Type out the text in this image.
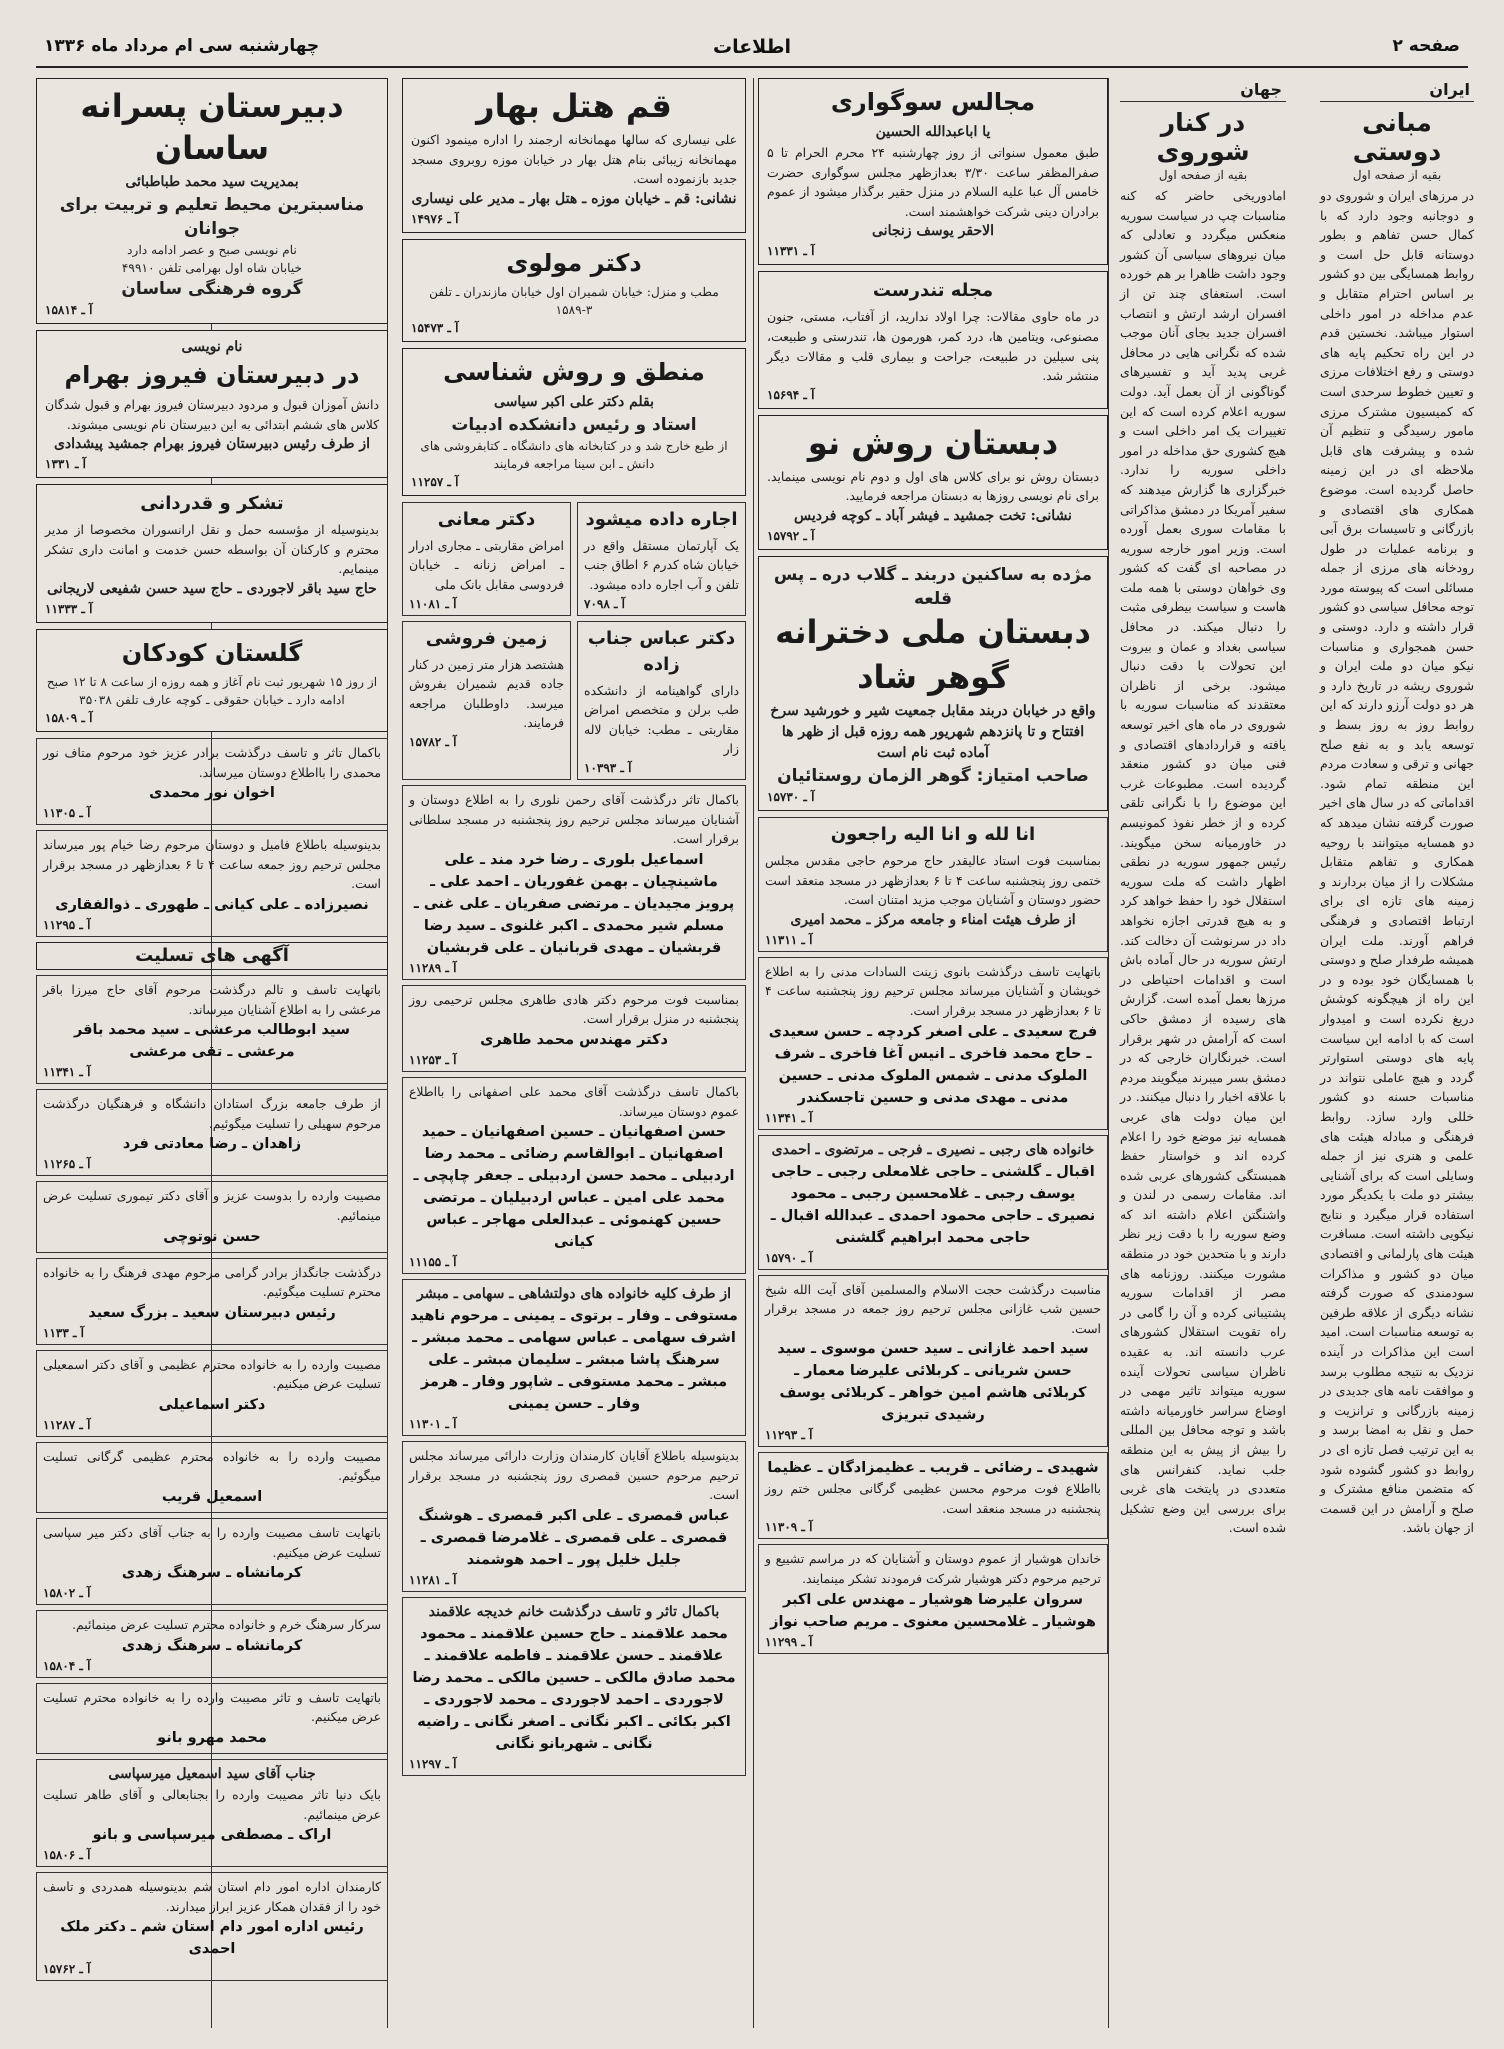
صفحه ۲
اطلاعات
چهارشنبه سی ام مرداد ماه ۱۳۳۶
ایران
مبانی دوستی
بقیه از صفحه اول
در مرزهای ایران و شوروی دو و دوجانبه وجود دارد که با کمال حسن تفاهم و بطور دوستانه قابل حل است و روابط همسایگی بین دو کشور بر اساس احترام متقابل و عدم مداخله در امور داخلی استوار میباشد. نخستین قدم در این راه تحکیم پایه های دوستی و رفع اختلافات مرزی و تعیین خطوط سرحدی است که کمیسیون مشترک مرزی مامور رسیدگی و تنظیم آن شده و پیشرفت های قابل ملاحظه ای در این زمینه حاصل گردیده است. موضوع همکاری های اقتصادی و بازرگانی و تاسیسات برق آبی و برنامه عملیات در طول رودخانه های مرزی از جمله مسائلی است که پیوسته مورد توجه محافل سیاسی دو کشور قرار داشته و دارد. دوستی و حسن همجواری و مناسبات نیکو میان دو ملت ایران و شوروی ریشه در تاریخ دارد و هر دو دولت آرزو دارند که این روابط روز به روز بسط و توسعه یابد و به نفع صلح جهانی و ترقی و سعادت مردم این منطقه تمام شود. اقداماتی که در سال های اخیر صورت گرفته نشان میدهد که دو همسایه میتوانند با روحیه همکاری و تفاهم متقابل مشکلات را از میان بردارند و زمینه های تازه ای برای ارتباط اقتصادی و فرهنگی فراهم آورند. ملت ایران همیشه طرفدار صلح و دوستی با همسایگان خود بوده و در این راه از هیچگونه کوشش دریغ نکرده است و امیدوار است که با ادامه این سیاست پایه های دوستی استوارتر گردد و هیچ عاملی نتواند در مناسبات حسنه دو کشور خللی وارد سازد. روابط فرهنگی و مبادله هیئت های علمی و هنری نیز از جمله وسایلی است که برای آشنایی بیشتر دو ملت با یکدیگر مورد استفاده قرار میگیرد و نتایج نیکویی داشته است. مسافرت هیئت های پارلمانی و اقتصادی میان دو کشور و مذاکرات سودمندی که صورت گرفته نشانه دیگری از علاقه طرفین به توسعه مناسبات است. امید است این مذاکرات در آینده نزدیک به نتیجه مطلوب برسد و موافقت نامه های جدیدی در زمینه بازرگانی و ترانزیت و حمل و نقل به امضا برسد و به این ترتیب فصل تازه ای در روابط دو کشور گشوده شود که متضمن منافع مشترک و صلح و آرامش در این قسمت از جهان باشد.
جهان
در کنار شوروی
بقیه از صفحه اول
امادوریخی حاضر که کنه مناسبات چپ در سیاست سوریه منعکس میگردد و تعادلی که میان نیروهای سیاسی آن کشور وجود داشت ظاهرا بر هم خورده است. استعفای چند تن از افسران ارشد ارتش و انتصاب افسران جدید بجای آنان موجب شده که نگرانی هایی در محافل غربی پدید آید و تفسیرهای گوناگونی از آن بعمل آید. دولت سوریه اعلام کرده است که این تغییرات یک امر داخلی است و هیچ کشوری حق مداخله در امور داخلی سوریه را ندارد. خبرگزاری ها گزارش میدهند که سفیر آمریکا در دمشق مذاکراتی با مقامات سوری بعمل آورده است. وزیر امور خارجه سوریه در مصاحبه ای گفت که کشور وی خواهان دوستی با همه ملت هاست و سیاست بیطرفی مثبت را دنبال میکند. در محافل سیاسی بغداد و عمان و بیروت این تحولات با دقت دنبال میشود. برخی از ناظران معتقدند که مناسبات سوریه با شوروی در ماه های اخیر توسعه یافته و قراردادهای اقتصادی و فنی میان دو کشور منعقد گردیده است. مطبوعات غرب این موضوع را با نگرانی تلقی کرده و از خطر نفوذ کمونیسم در خاورمیانه سخن میگویند. رئیس جمهور سوریه در نطقی اظهار داشت که ملت سوریه استقلال خود را حفظ خواهد کرد و به هیچ قدرتی اجازه نخواهد داد در سرنوشت آن دخالت کند. ارتش سوریه در حال آماده باش است و اقدامات احتیاطی در مرزها بعمل آمده است. گزارش های رسیده از دمشق حاکی است که آرامش در شهر برقرار است. خبرنگاران خارجی که در دمشق بسر میبرند میگویند مردم با علاقه اخبار را دنبال میکنند. در این میان دولت های عربی همسایه نیز موضع خود را اعلام کرده اند و خواستار حفظ همبستگی کشورهای عربی شده اند. مقامات رسمی در لندن و واشنگتن اعلام داشته اند که وضع سوریه را با دقت زیر نظر دارند و با متحدین خود در منطقه مشورت میکنند. روزنامه های مصر از اقدامات سوریه پشتیبانی کرده و آن را گامی در راه تقویت استقلال کشورهای عرب دانسته اند. به عقیده ناظران سیاسی تحولات آینده سوریه میتواند تاثیر مهمی در اوضاع سراسر خاورمیانه داشته باشد و توجه محافل بین المللی را بیش از پیش به این منطقه جلب نماید. کنفرانس های متعددی در پایتخت های غربی برای بررسی این وضع تشکیل شده است.
مجالس سوگواری
یا اباعبدالله الحسین
طبق معمول سنواتی از روز چهارشنبه ۲۴ محرم الحرام تا ۵ صفرالمظفر ساعت ۳/۳۰ بعدازظهر مجلس سوگواری حضرت خامس آل عبا علیه السلام در منزل حقیر برگذار میشود از عموم برادران دینی شرکت خواهشمند است.
الاحقر یوسف زنجانی
آ ـ ۱۱۳۳۱
مجله تندرست
در ماه حاوی مقالات: چرا اولاد ندارید، از آفتاب، مستی، جنون مصنوعی، ویتامین ها، درد کمر، هورمون ها، تندرستی و طبیعت، پنی سیلین در طبیعت، جراحت و بیماری قلب و مقالات دیگر منتشر شد.
آ ـ ۱۵۶۹۴
دبستان روش نو
دبستان روش نو برای کلاس های اول و دوم نام نویسی مینماید. برای نام نویسی روزها به دبستان مراجعه فرمایید.
نشانی: تخت جمشید ـ فیشر آباد ـ کوچه فردیس
آ ـ ۱۵۷۹۲
مژده به ساکنین دربند ـ گلاب دره ـ پس قلعه
دبستان ملی دخترانه
گوهر شاد
واقع در خیابان دربند مقابل جمعیت شیر و خورشید سرخ افتتاح و تا پانزدهم شهریور همه روزه قبل از ظهر ها آماده ثبت نام است
صاحب امتیاز: گوهر الزمان روستائیان
آ ـ ۱۵۷۳۰
انا لله و انا الیه راجعون
بمناسبت فوت استاد عالیقدر حاج مرحوم حاجی مقدس مجلس ختمی روز پنجشنبه ساعت ۴ تا ۶ بعدازظهر در مسجد منعقد است حضور دوستان و آشنایان موجب مزید امتنان است.
از طرف هیئت امناء و جامعه مرکز ـ محمد امیری
آ ـ ۱۱۳۱۱
باتهایت تاسف درگذشت بانوی زینت السادات مدنی را به اطلاع خویشان و آشنایان میرساند مجلس ترحیم روز پنجشنبه ساعت ۴ تا ۶ بعدازظهر در مسجد برقرار است.
فرج سعیدی ـ علی اصغر کردچه ـ حسن سعیدی ـ حاج محمد فاخری ـ انیس آغا فاخری ـ شرف الملوک مدنی ـ شمس الملوک مدنی ـ حسین مدنی ـ مهدی مدنی و حسین تاجسکندر
آ ـ ۱۱۳۴۱
خانواده های رجبی ـ نصیری ـ فرجی ـ مرتضوی ـ احمدی
اقبال ـ گلشنی ـ حاجی غلامعلی رجبی ـ حاجی یوسف رجبی ـ غلامحسین رجبی ـ محمود نصیری ـ حاجی محمود احمدی ـ عبدالله اقبال ـ حاجی محمد ابراهیم گلشنی
آ ـ ۱۵۷۹۰
مناسبت درگذشت حجت الاسلام والمسلمین آقای آیت الله شیخ حسین شب غازانی مجلس ترحیم روز جمعه در مسجد برقرار است.
سید احمد غازانی ـ سید حسن موسوی ـ سید حسن شریانی ـ کربلائی علیرضا معمار ـ کربلائی هاشم امین خواهر ـ کربلائی یوسف رشیدی تبریزی
آ ـ ۱۱۲۹۳
شهیدی ـ رضائی ـ قریب ـ عظیمزادگان ـ عظیما
بااطلاع فوت مرحوم محسن عظیمی گرگانی مجلس ختم روز پنجشنبه در مسجد منعقد است.
آ ـ ۱۱۳۰۹
خاندان هوشیار از عموم دوستان و آشنایان که در مراسم تشییع و ترحیم مرحوم دکتر هوشیار شرکت فرمودند تشکر مینمایند.
سروان علیرضا هوشیار ـ مهندس علی اکبر هوشیار ـ غلامحسین معنوی ـ مریم صاحب نواز
آ ـ ۱۱۲۹۹
قم هتل بهار
علی نیساری که سالها مهمانخانه ارجمند را اداره مینمود اکنون مهمانخانه زیبائی بنام هتل بهار در خیابان موزه روبروی مسجد جدید بازنموده است.
نشانی: قم ـ خیابان موزه ـ هتل بهار ـ مدیر علی نیساری
آ ـ ۱۴۹۷۶
دکتر مولوی
مطب و منزل: خیابان شمیران اول خیابان مازندران ـ تلفن ۳-۱۵۸۹
آ ـ ۱۵۴۷۳
منطق و روش شناسی
بقلم دکتر علی اکبر سیاسی
استاد و رئیس دانشکده ادبیات
از طبع خارج شد و در کتابخانه های دانشگاه ـ کتابفروشی های دانش ـ ابن سینا مراجعه فرمایند
آ ـ ۱۱۲۵۷
اجاره داده میشود
یک آپارتمان مستقل واقع در خیابان شاه کدرم ۶ اطاق جنب تلفن و آب اجاره داده میشود.
آ ـ ۷۰۹۸
دکتر معانی
امراض مقاربتی ـ مجاری ادرار ـ امراض زنانه ـ خیابان فردوسی مقابل بانک ملی
آ ـ ۱۱۰۸۱
دکتر عباس جناب زاده
دارای گواهینامه از دانشکده طب برلن و متخصص امراض مقاربتی ـ مطب: خیابان لاله زار
آ ـ ۱۰۳۹۳
زمین فروشی
هشتصد هزار متر زمین در کنار جاده قدیم شمیران بفروش میرسد. داوطلبان مراجعه فرمایند.
آ ـ ۱۵۷۸۲
باکمال تاثر درگذشت آقای رحمن نلوری را به اطلاع دوستان و آشنایان میرساند مجلس ترحیم روز پنجشنبه در مسجد سلطانی برقرار است.
اسماعیل بلوری ـ رضا خرد مند ـ علی ماشینچیان ـ بهمن غفوریان ـ احمد علی ـ پرویز مجیدیان ـ مرتضی صفریان ـ علی غنی ـ مسلم شیر محمدی ـ اکبر غلنوی ـ سید رضا قربشیان ـ مهدی قربانیان ـ علی قربشیان
آ ـ ۱۱۲۸۹
بمناسبت فوت مرحوم دکتر هادی طاهری مجلس ترحیمی روز پنجشنبه در منزل برقرار است.
دکتر مهندس محمد طاهری
آ ـ ۱۱۲۵۳
باکمال تاسف درگذشت آقای محمد علی اصفهانی را بااطلاع عموم دوستان میرساند.
حسن اصفهانیان ـ حسین اصفهانیان ـ حمید اصفهانیان ـ ابوالقاسم رضائی ـ محمد رضا اردبیلی ـ محمد حسن اردبیلی ـ جعفر چاپچی ـ محمد علی امین ـ عباس اردبیلیان ـ مرتضی حسین کهنموئی ـ عبدالعلی مهاجر ـ عباس کیانی
آ ـ ۱۱۱۵۵
از طرف کلیه خانواده های دولتشاهی ـ سهامی ـ مبشر
مستوفی ـ وفار ـ برتوی ـ یمینی ـ مرحوم ناهید اشرف سهامی ـ عباس سهامی ـ محمد مبشر ـ سرهنگ پاشا مبشر ـ سلیمان مبشر ـ علی مبشر ـ محمد مستوفی ـ شاپور وفار ـ هرمز وفار ـ حسن یمینی
آ ـ ۱۱۳۰۱
بدینوسیله باطلاع آقایان کارمندان وزارت دارائی میرساند مجلس ترحیم مرحوم حسین قمصری روز پنجشنبه در مسجد برقرار است.
عباس قمصری ـ علی اکبر قمصری ـ هوشنگ قمصری ـ علی قمصری ـ غلامرضا قمصری ـ جلیل خلیل پور ـ احمد هوشمند
آ ـ ۱۱۲۸۱
باکمال تاثر و تاسف درگذشت خانم خدیجه علاقمند
محمد علاقمند ـ حاج حسین علاقمند ـ محمود علاقمند ـ حسن علاقمند ـ فاطمه علاقمند ـ محمد صادق مالکی ـ حسین مالکی ـ محمد رضا لاجوردی ـ احمد لاجوردی ـ محمد لاجوردی ـ اکبر بکائی ـ اکبر نگانی ـ اصغر نگانی ـ راضیه نگانی ـ شهربانو نگانی
آ ـ ۱۱۲۹۷
دبیرستان پسرانه ساسان
بمدیریت سید محمد طباطبائی
مناسبترین محیط تعلیم و تربیت برای جوانان
نام نویسی صبح و عصر ادامه دارد
خیابان شاه اول بهرامی تلفن ۴۹۹۱۰
گروه فرهنگی ساسان
آ ـ ۱۵۸۱۴
نام نویسی
در دبیرستان فیروز بهرام
دانش آموزان قبول و مردود دبیرستان فیروز بهرام و قبول شدگان کلاس های ششم ابتدائی به این دبیرستان نام نویسی میشوند.
از طرف رئیس دبیرستان فیروز بهرام جمشید پیشدادی
آ ـ ۱۳۳۱
تشکر و قدردانی
بدینوسیله از مؤسسه حمل و نقل ارانسوران مخصوصا از مدیر محترم و کارکنان آن بواسطه حسن خدمت و امانت داری تشکر مینمایم.
حاج سید باقر لاجوردی ـ حاج سید حسن شفیعی لاریجانی
آ ـ ۱۱۳۳۳
گلستان کودکان
از روز ۱۵ شهریور ثبت نام آغاز و همه روزه از ساعت ۸ تا ۱۲ صبح ادامه دارد ـ خیابان حقوقی ـ کوچه عارف تلفن ۳۵۰۳۸
آ ـ ۱۵۸۰۹
باکمال تاثر و تاسف درگذشت برادر عزیز خود مرحوم متاف نور محمدی را بااطلاع دوستان میرساند.
اخوان نور محمدی
آ ـ ۱۱۳۰۵
بدینوسیله باطلاع فامیل و دوستان مرحوم رضا خیام پور میرساند مجلس ترحیم روز جمعه ساعت ۴ تا ۶ بعدازظهر در مسجد برقرار است.
نصیرزاده ـ علی کیانی ـ طهوری ـ ذوالفقاری
آ ـ ۱۱۲۹۵
آگهی های تسلیت
باتهایت تاسف و تالم درگذشت مرحوم آقای حاج میرزا باقر مرعشی را به اطلاع آشنایان میرساند.
سید ابوطالب مرعشی ـ سید محمد باقر مرعشی ـ تقی مرعشی
آ ـ ۱۱۳۴۱
از طرف جامعه بزرگ استادان دانشگاه و فرهنگیان درگذشت مرحوم سهیلی را تسلیت میگوئیم.
زاهدان ـ رضا معادتی فرد
آ ـ ۱۱۲۶۵
مصیبت وارده را بدوست عزیز و آقای دکتر تیموری تسلیت عرض مینمائیم.
حسن نوتوچی
درگذشت جانگداز برادر گرامی مرحوم مهدی فرهنگ را به خانواده محترم تسلیت میگوئیم.
رئیس دبیرستان سعید ـ بزرگ سعید
آ ـ ۱۱۳۳
مصیبت وارده را به خانواده محترم عظیمی و آقای دکتر اسمعیلی تسلیت عرض میکنیم.
دکتر اسماعیلی
آ ـ ۱۱۲۸۷
مصیبت وارده را به خانواده محترم عظیمی گرگانی تسلیت میگوئیم.
اسمعیل قریب
باتهایت تاسف مصیبت وارده را به جناب آقای دکتر میر سپاسی تسلیت عرض میکنیم.
کرمانشاه ـ سرهنگ زهدی
آ ـ ۱۵۸۰۲
سرکار سرهنگ خرم و خانواده محترم تسلیت عرض مینمائیم.
کرمانشاه ـ سرهنگ زهدی
آ ـ ۱۵۸۰۴
باتهایت تاسف و تاثر مصیبت وارده را به خانواده محترم تسلیت عرض میکنیم.
محمد مهرو بانو
جناب آقای سید اسمعیل میرسپاسی
بایک دنیا تاثر مصیبت وارده را بجنابعالی و آقای طاهر تسلیت عرض مینمائیم.
اراک ـ مصطفی میرسپاسی و بانو
آ ـ ۱۵۸۰۶
کارمندان اداره امور دام استان شم بدینوسیله همدردی و تاسف خود را از فقدان همکار عزیز ابراز میدارند.
رئیس اداره امور دام استان شم ـ دکتر ملک احمدی
آ ـ ۱۵۷۶۲
